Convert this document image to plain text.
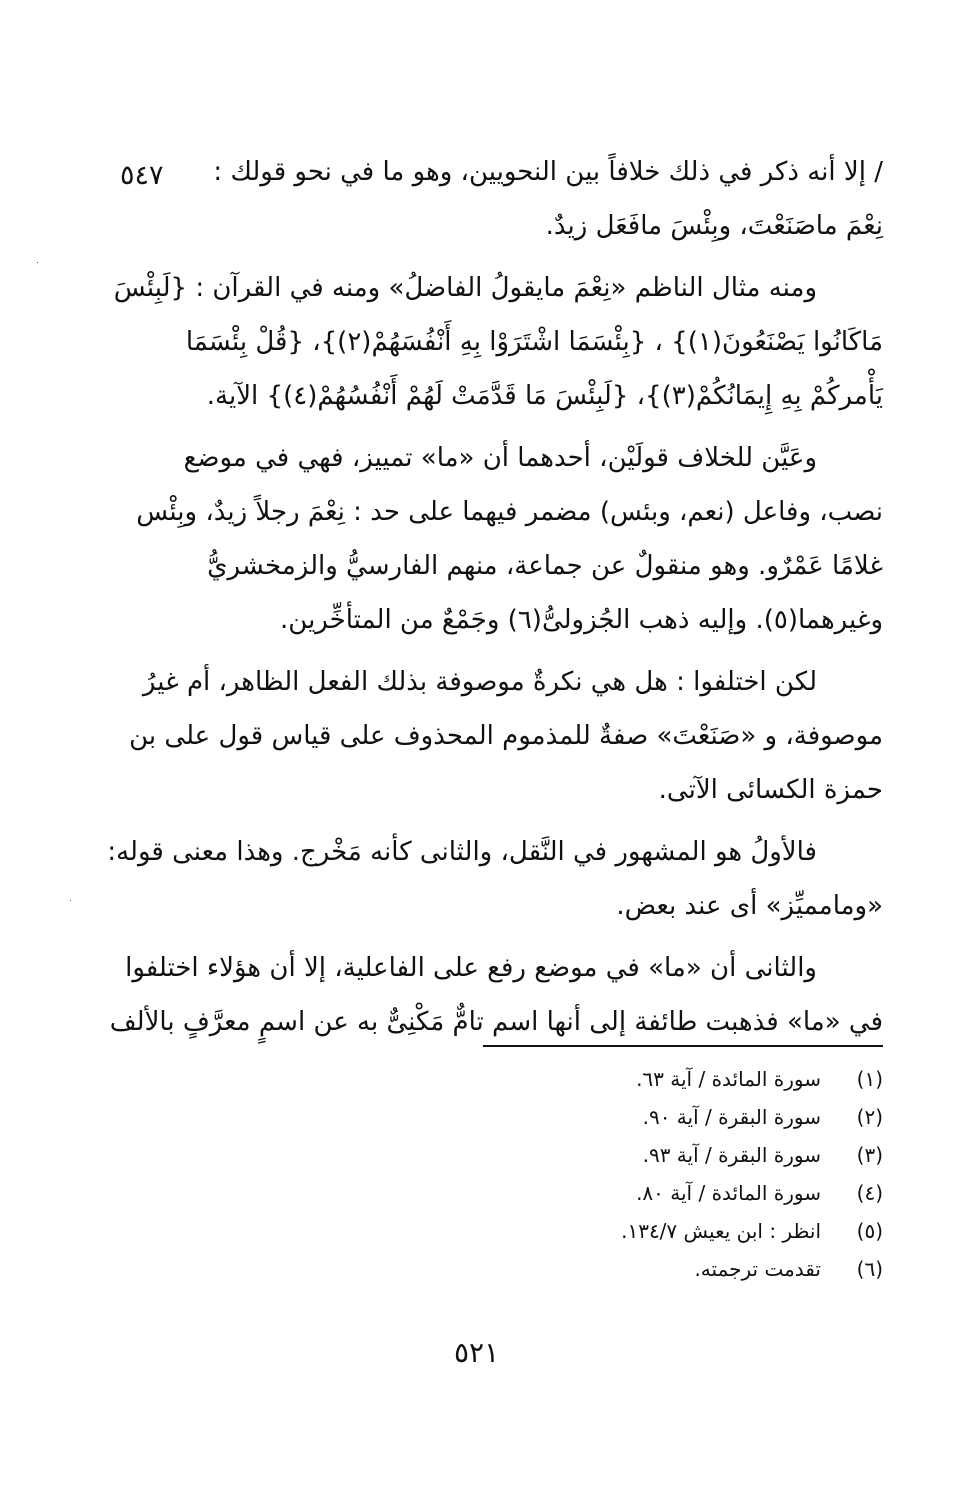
٥٤٧	/ إلا أنه ذكر في ذلك خلافاً بين النحويين، وهو ما في نحو قولك :
نِعْمَ ماصَنَعْتَ، وبِئْسَ مافَعَل زيدٌ.
ومنه مثال الناظم «نِعْمَ مايقولُ الفاضلُ» ومنه في القرآن : {لَبِئْسَ
مَاكَانُوا يَصْنَعُونَ(١)} ، {بِئْسَمَا اشْتَرَوْا بِهِ أَنْفُسَهُمْ(٢)}، {قُلْ بِئْسَمَا
يَأْمركُمْ بِهِ إِيمَانُكُمْ(٣)}، {لَبِئْسَ مَا قَدَّمَتْ لَهُمْ أَنْفُسُهُمْ(٤)} الآية.
وعَيَّن للخلاف قولَيْن، أحدهما أن «ما» تمييز، فهي في موضع
نصب، وفاعل (نعم، وبئس) مضمر فيهما على حد : نِعْمَ رجلاً زيدٌ، وبِئْس
غلامًا عَمْرٌو. وهو منقولٌ عن جماعة، منهم الفارسيُّ والزمخشريُّ
وغيرهما(٥). وإليه ذهب الجُزولىُّ(٦) وجَمْعٌ من المتأخِّرين.
لكن اختلفوا : هل هي نكرةٌ موصوفة بذلك الفعل الظاهر، أم غيرُ
موصوفة، و «صَنَعْتَ» صفةٌ للمذموم المحذوف على قياس قول على بن
حمزة الكسائى الآتى.
فالأولُ هو المشهور في النَّقل، والثانى كأنه مَخْرج. وهذا معنى قوله:
«ومامميِّز» أى عند بعض.
والثانى أن «ما» في موضع رفع على الفاعلية، إلا أن هؤلاء اختلفوا
في «ما» فذهبت طائفة إلى أنها اسم تامٌّ مَكْنِىٌّ به عن اسمٍ معرَّفٍ بالألف
(١)
سورة المائدة / آية ٦٣.
(٢)
سورة البقرة / آية ٩٠.
(٣)
سورة البقرة / آية ٩٣.
(٤)
سورة المائدة / آية ٨٠.
(٥)
انظر : ابن يعيش ١٣٤/٧.
(٦)
تقدمت ترجمته.
٥٢١
